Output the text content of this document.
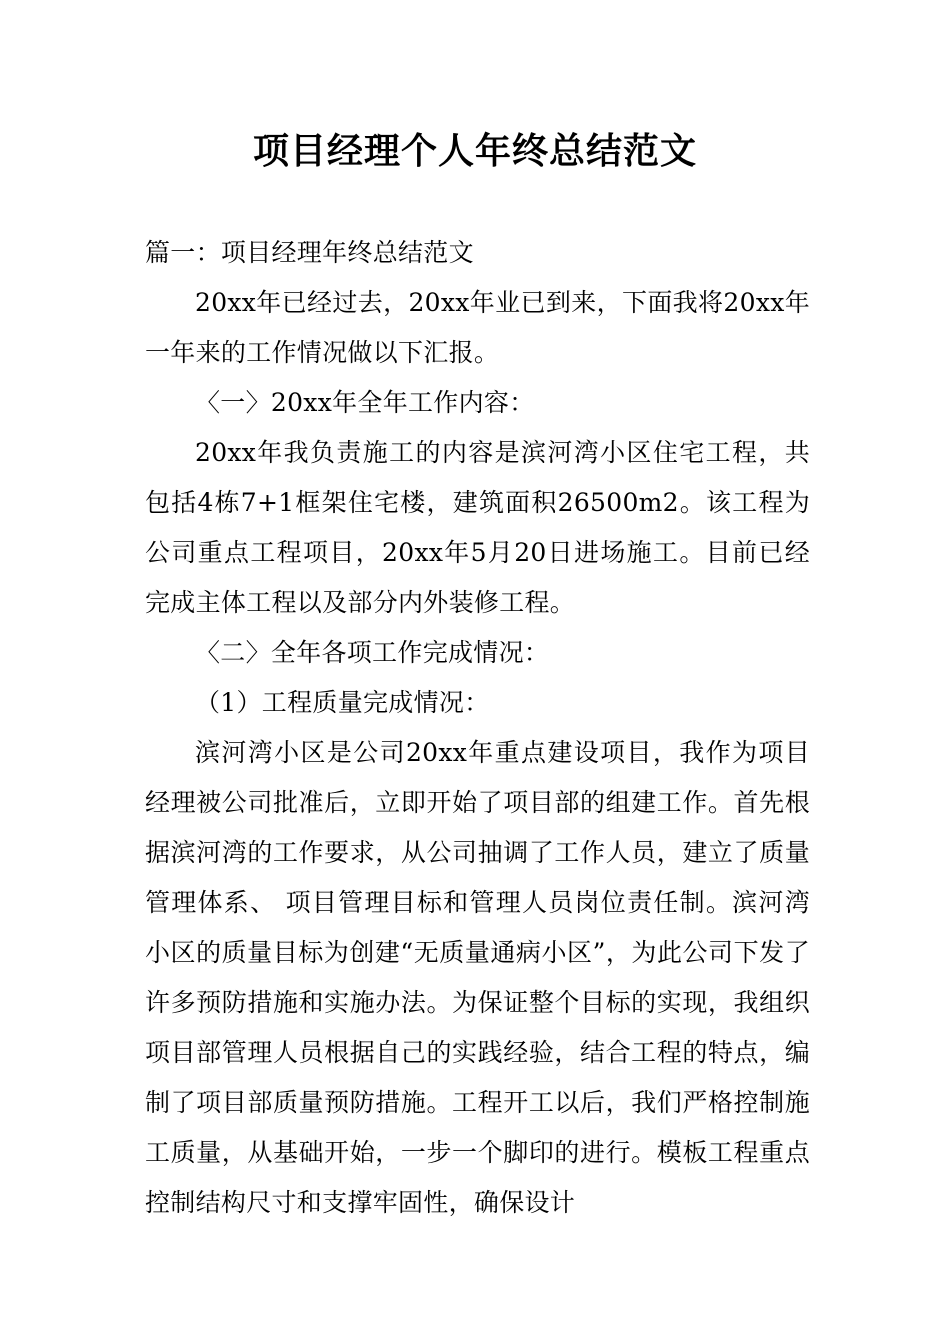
项目经理个人年终总结范文

篇一：项目经理年终总结范文

20xx年已经过去，20xx年业已到来，下面我将20xx年一年来的工作情况做以下汇报。

〈一〉20xx年全年工作内容：

20xx年我负责施工的内容是滨河湾小区住宅工程，共包括4栋7+1框架住宅楼，建筑面积26500m2。该工程为公司重点工程项目，20xx年5月20日进场施工。目前已经完成主体工程以及部分内外装修工程。

〈二〉全年各项工作完成情况：

（1）工程质量完成情况：

滨河湾小区是公司20xx年重点建设项目，我作为项目经理被公司批准后，立即开始了项目部的组建工作。首先根据滨河湾的工作要求，从公司抽调了工作人员，建立了质量管理体系、 项目管理目标和管理人员岗位责任制。滨河湾小区的质量目标为创建“无质量通病小区”，为此公司下发了许多预防措施和实施办法。为保证整个目标的实现，我组织项目部管理人员根据自己的实践经验，结合工程的特点，编制了项目部质量预防措施。工程开工以后，我们严格控制施工质量，从基础开始，一步一个脚印的进行。模板工程重点控制结构尺寸和支撑牢固性，确保设计
